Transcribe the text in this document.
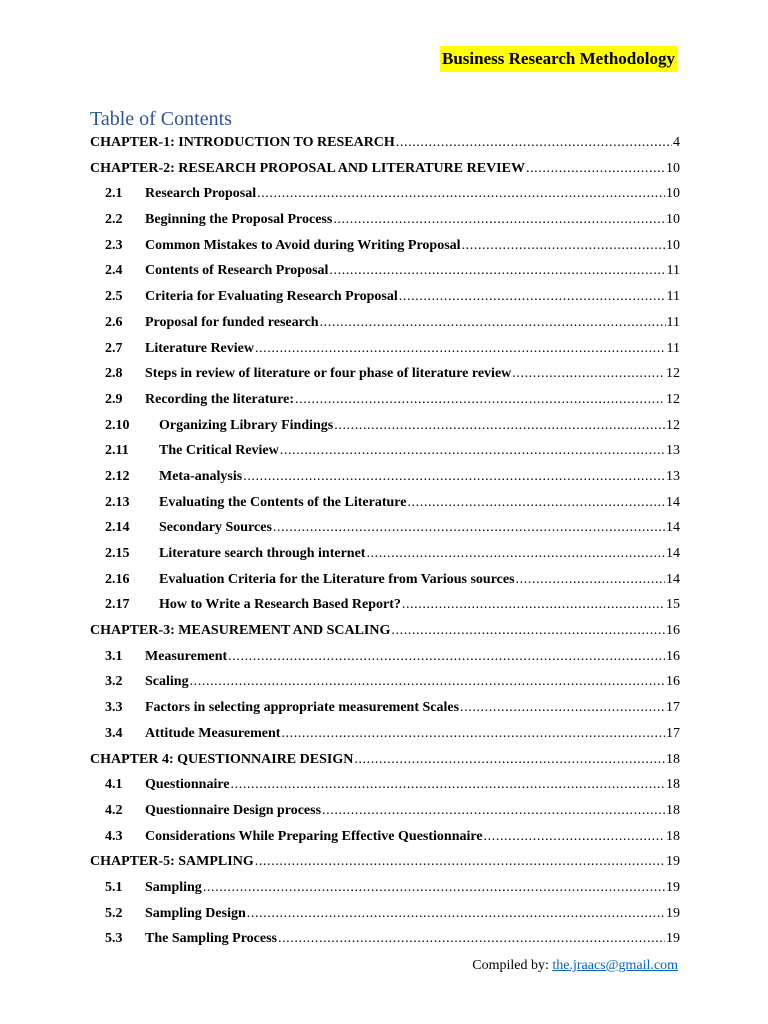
Business Research Methodology
Table of Contents
CHAPTER-1: INTRODUCTION TO RESEARCH .....	4
CHAPTER-2: RESEARCH PROPOSAL AND LITERATURE REVIEW .....	10
2.1	Research Proposal .....	10
2.2	Beginning the Proposal Process .....	10
2.3	Common Mistakes to Avoid during Writing Proposal .....	10
2.4	Contents of Research Proposal .....	11
2.5	Criteria for Evaluating Research Proposal .....	11
2.6	Proposal for funded research .....	11
2.7	Literature Review .....	11
2.8	Steps in review of literature or four phase of literature review .....	12
2.9	Recording the literature: .....	12
2.10	Organizing Library Findings .....	12
2.11	The Critical Review .....	13
2.12	Meta-analysis .....	13
2.13	Evaluating the Contents of the Literature .....	14
2.14	Secondary Sources .....	14
2.15	Literature search through internet .....	14
2.16	Evaluation Criteria for the Literature from Various sources .....	14
2.17	How to Write a Research Based Report? .....	15
CHAPTER-3: MEASUREMENT AND SCALING .....	16
3.1	Measurement .....	16
3.2	Scaling .....	16
3.3	Factors in selecting appropriate measurement Scales .....	17
3.4	Attitude Measurement .....	17
CHAPTER 4: QUESTIONNAIRE DESIGN .....	18
4.1	Questionnaire .....	18
4.2	Questionnaire Design process .....	18
4.3	Considerations While Preparing Effective Questionnaire .....	18
CHAPTER-5: SAMPLING .....	19
5.1	Sampling .....	19
5.2	Sampling Design .....	19
5.3	The Sampling Process .....	19
Compiled by: the.jraacs@gmail.com
